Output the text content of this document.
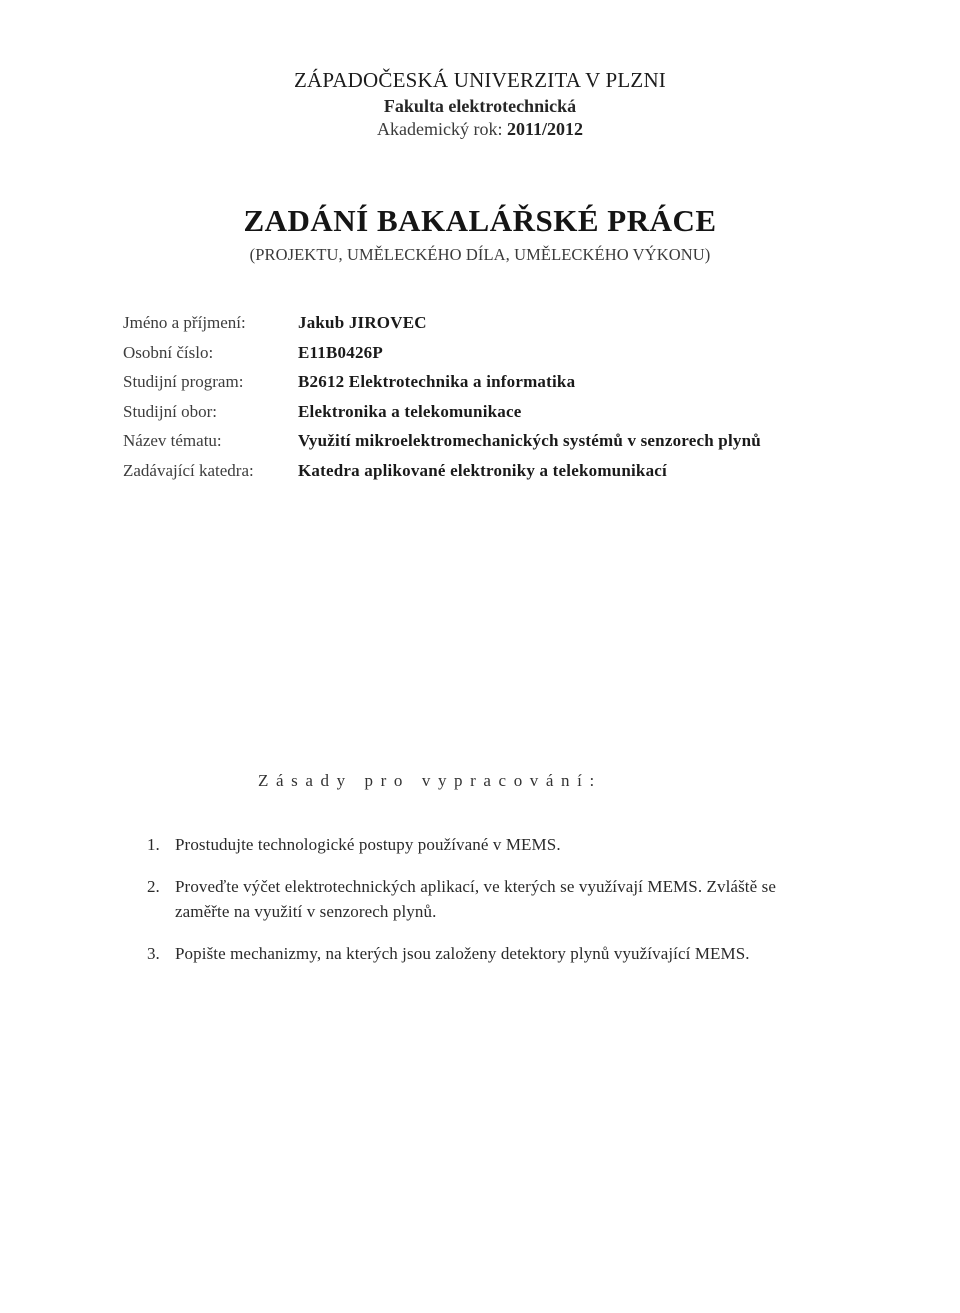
ZÁPADOČESKÁ UNIVERZITA V PLZNI
Fakulta elektrotechnická
Akademický rok: 2011/2012
ZADÁNÍ BAKALÁŘSKÉ PRÁCE
(PROJEKTU, UMĚLECKÉHO DÍLA, UMĚLECKÉHO VÝKONU)
Jméno a příjmení:	Jakub JIROVEC
Osobní číslo:	E11B0426P
Studijní program:	B2612 Elektrotechnika a informatika
Studijní obor:	Elektronika a telekomunikace
Název tématu:	Využití mikroelektromechanických systémů v senzorech plynů
Zadávající katedra:	Katedra aplikované elektroniky a telekomunikací
Zásady pro vypracování:
1. Prostudujte technologické postupy používané v MEMS.
2. Proveďte výčet elektrotechnických aplikací, ve kterých se využívají MEMS. Zvláště se
zaměřte na využití v senzorech plynů.
3. Popište mechanizmy, na kterých jsou založeny detektory plynů využívající MEMS.
